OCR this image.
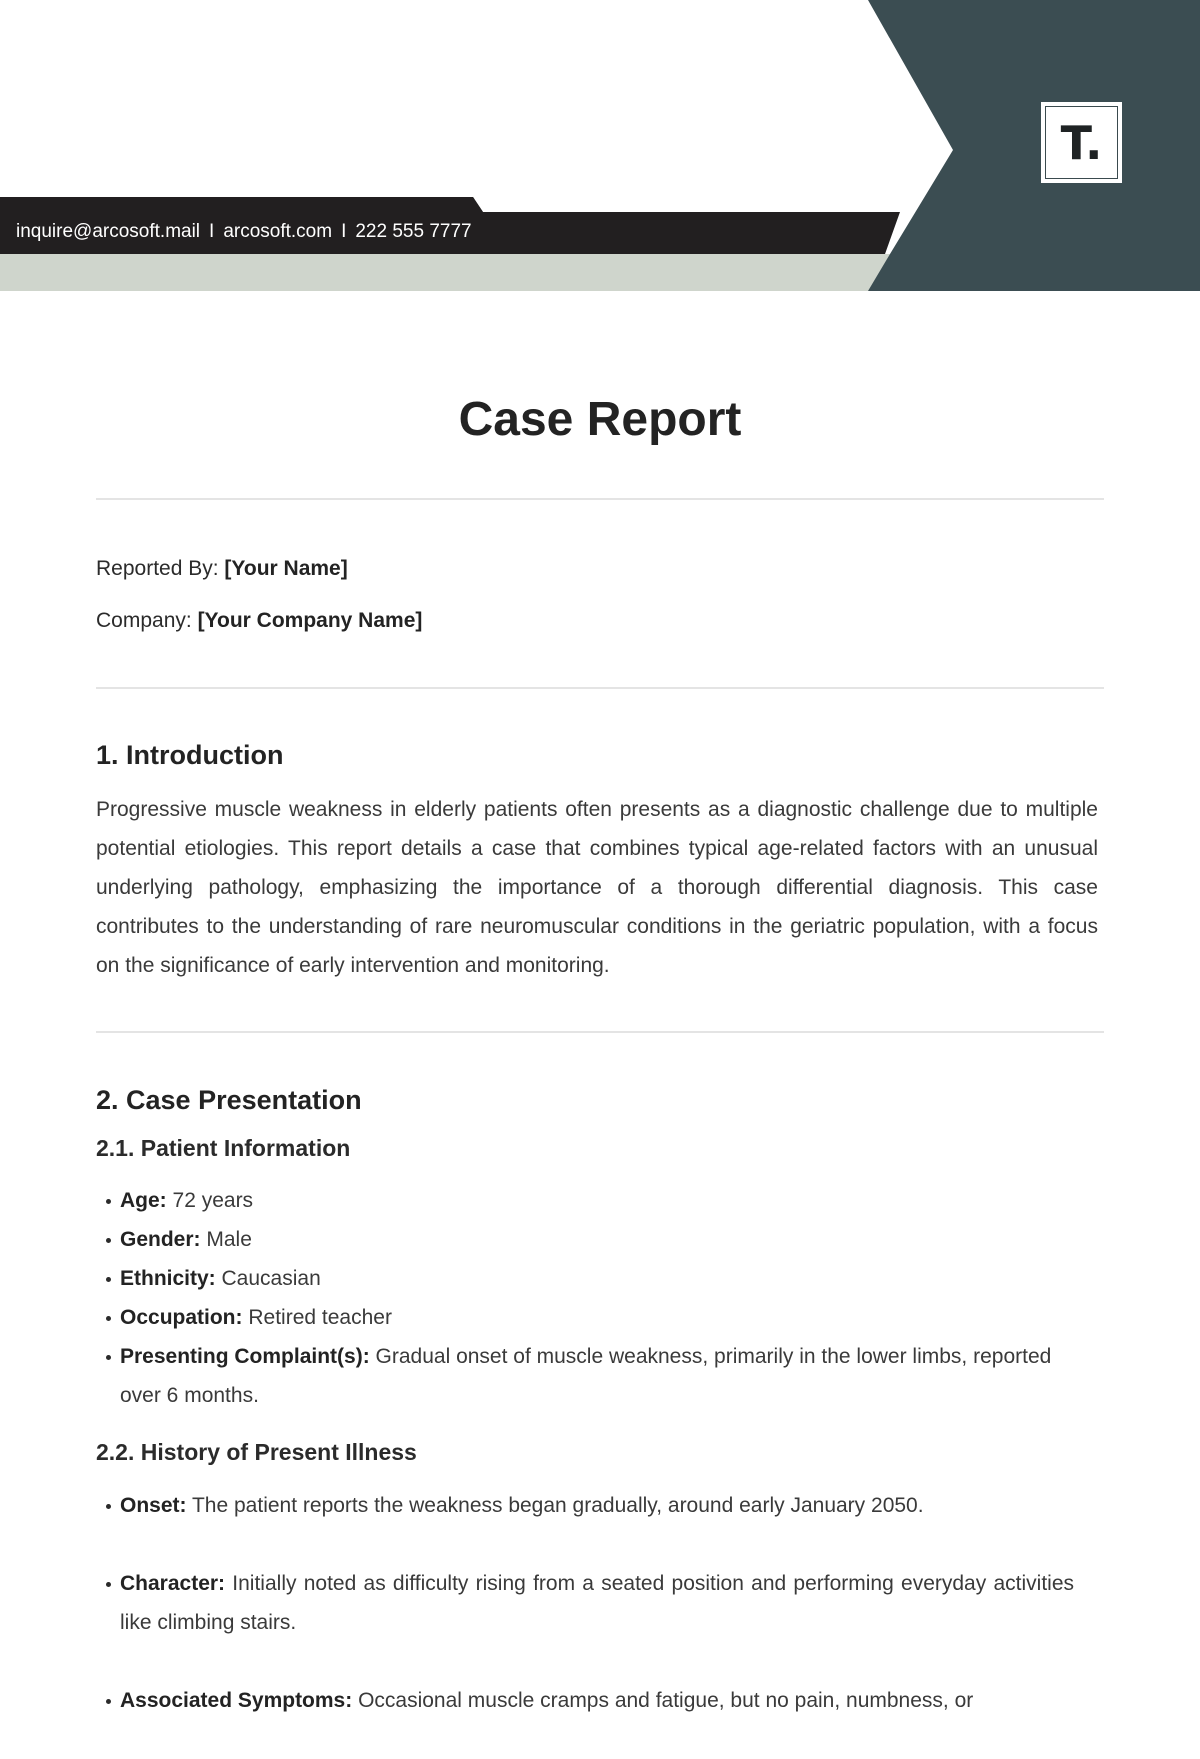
inquire@arcosoft.mail I arcosoft.com I 222 555 7777
T.
Case Report
Reported By: [Your Name]
Company: [Your Company Name]
1. Introduction

Progressive muscle weakness in elderly patients often presents as a diagnostic challenge due to multiple potential etiologies. This report details a case that combines typical age-related factors with an unusual underlying pathology, emphasizing the importance of a thorough differential diagnosis. This case contributes to the understanding of rare neuromuscular conditions in the geriatric population, with a focus on the significance of early intervention and monitoring.

2. Case Presentation
2.1. Patient Information
Age: 72 years
Gender: Male
Ethnicity: Caucasian
Occupation: Retired teacher
Presenting Complaint(s): Gradual onset of muscle weakness, primarily in the lower limbs, reported over 6 months.
2.2. History of Present Illness
Onset: The patient reports the weakness began gradually, around early January 2050.
Character: Initially noted as difficulty rising from a seated position and performing everyday activities like climbing stairs.
Associated Symptoms: Occasional muscle cramps and fatigue, but no pain, numbness, or
